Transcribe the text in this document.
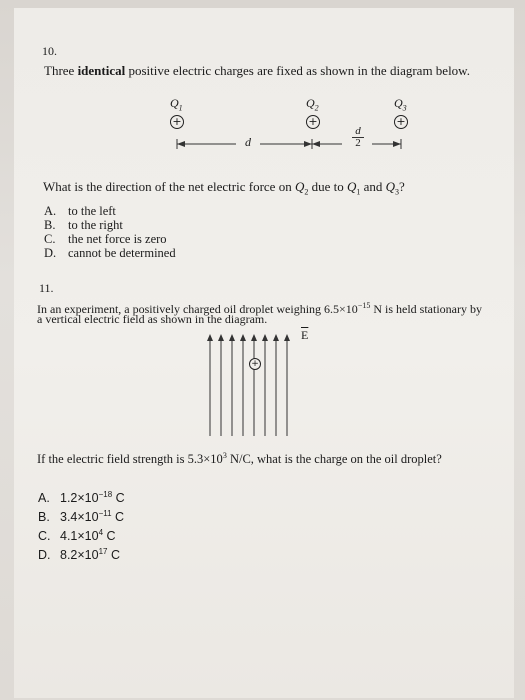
10.
Three identical positive electric charges are fixed as shown in the diagram below.
$Q_1$
+
$Q_2$
+
$Q_3$
+
d	$\frac{d}{2}$
What is the direction of the net electric force on $Q_2$ due to $Q_1$ and $Q_3$?
A. to the left
B. to the right
C. the net force is zero
D. cannot be determined
11.
In an experiment, a positively charged oil droplet weighing $6.5\times 10^{-15}$ N is held stationary by
a vertical electric field as shown in the diagram.
$\overline{E}$
+
If the electric field strength is $5.3\times 10^3$ N/C, what is the charge on the oil droplet?
A. $1.2\times 10^{-18}$ C
B. $3.4\times 10^{-11}$ C
C. $4.1\times 10^4$ C
D. $8.2\times 10^{17}$ C
